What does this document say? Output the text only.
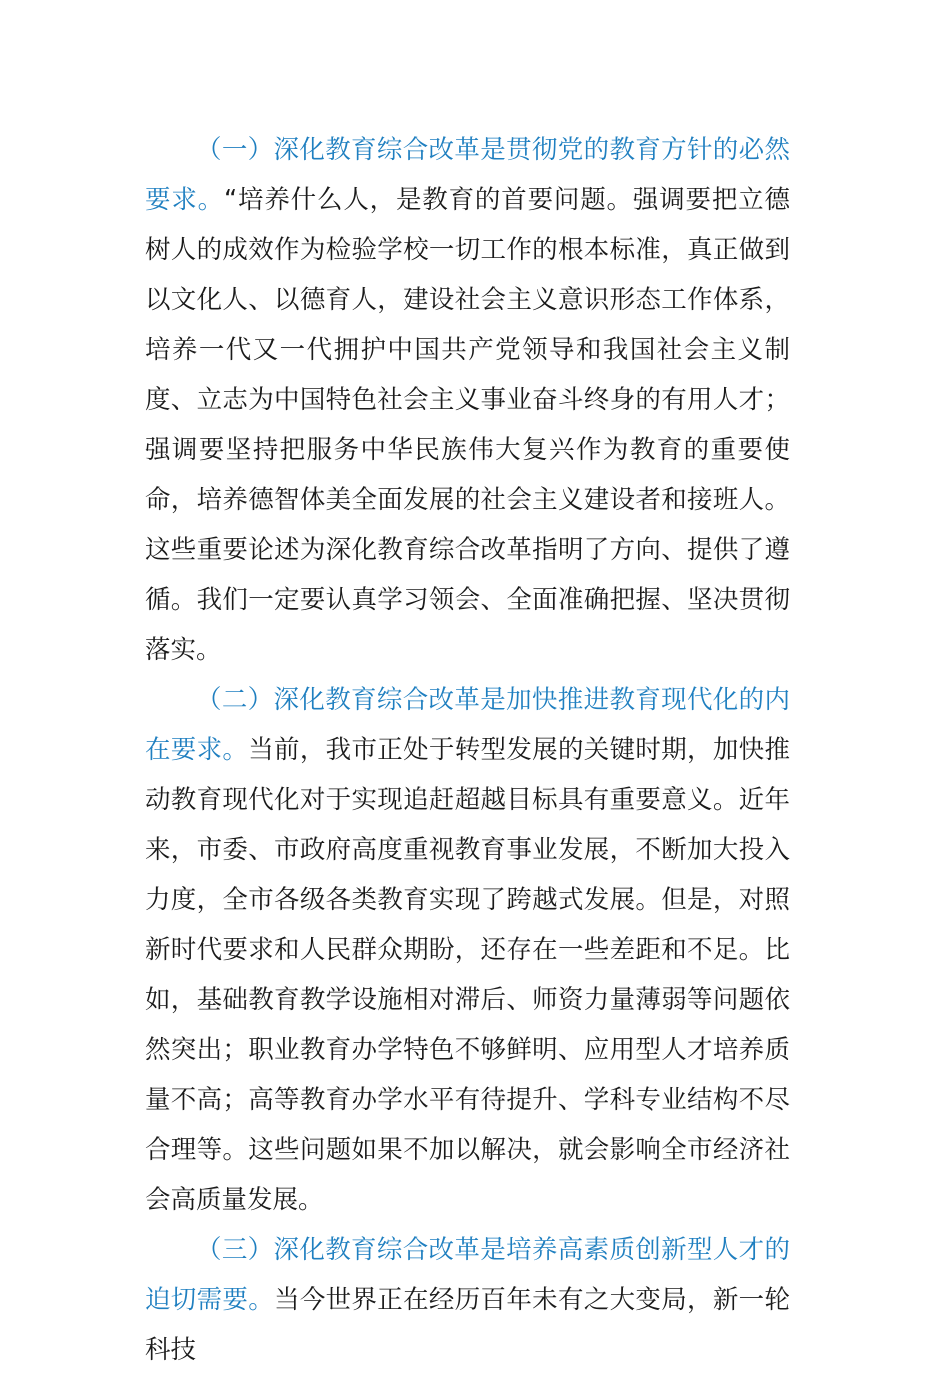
（一）深化教育综合改革是贯彻党的教育方针的必然要求。“培养什么人，是教育的首要问题。强调要把立德树人的成效作为检验学校一切工作的根本标准，真正做到以文化人、以德育人，建设社会主义意识形态工作体系，培养一代又一代拥护中国共产党领导和我国社会主义制度、立志为中国特色社会主义事业奋斗终身的有用人才；强调要坚持把服务中华民族伟大复兴作为教育的重要使命，培养德智体美全面发展的社会主义建设者和接班人。这些重要论述为深化教育综合改革指明了方向、提供了遵循。我们一定要认真学习领会、全面准确把握、坚决贯彻落实。

（二）深化教育综合改革是加快推进教育现代化的内在要求。当前，我市正处于转型发展的关键时期，加快推动教育现代化对于实现追赶超越目标具有重要意义。近年来，市委、市政府高度重视教育事业发展，不断加大投入力度，全市各级各类教育实现了跨越式发展。但是，对照新时代要求和人民群众期盼，还存在一些差距和不足。比如，基础教育教学设施相对滞后、师资力量薄弱等问题依然突出；职业教育办学特色不够鲜明、应用型人才培养质量不高；高等教育办学水平有待提升、学科专业结构不尽合理等。这些问题如果不加以解决，就会影响全市经济社会高质量发展。

（三）深化教育综合改革是培养高素质创新型人才的迫切需要。当今世界正在经历百年未有之大变局，新一轮科技
